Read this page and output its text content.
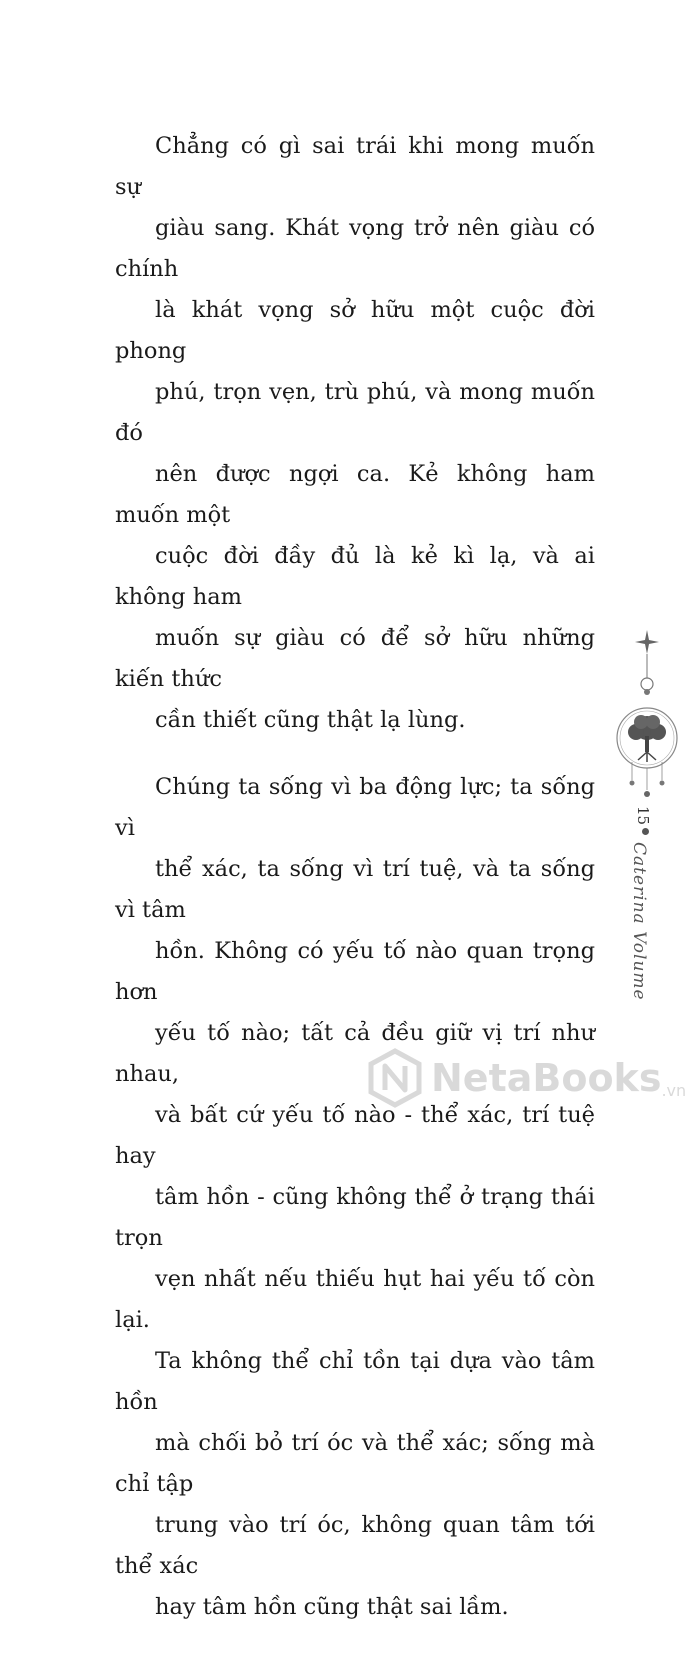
Chẳng có gì sai trái khi mong muốn sự
giàu sang. Khát vọng trở nên giàu có chính
là khát vọng sở hữu một cuộc đời phong
phú, trọn vẹn, trù phú, và mong muốn đó
nên được ngợi ca. Kẻ không ham muốn một
cuộc đời đầy đủ là kẻ kì lạ, và ai không ham
muốn sự giàu có để sở hữu những kiến thức
cần thiết cũng thật lạ lùng.

Chúng ta sống vì ba động lực; ta sống vì
thể xác, ta sống vì trí tuệ, và ta sống vì tâm
hồn. Không có yếu tố nào quan trọng hơn
yếu tố nào; tất cả đều giữ vị trí như nhau,
và bất cứ yếu tố nào - thể xác, trí tuệ hay
tâm hồn - cũng không thể ở trạng thái trọn
vẹn nhất nếu thiếu hụt hai yếu tố còn lại.
Ta không thể chỉ tồn tại dựa vào tâm hồn
mà chối bỏ trí óc và thể xác; sống mà chỉ tập
trung vào trí óc, không quan tâm tới thể xác
hay tâm hồn cũng thật sai lầm.

15
Caterina Volume
NetaBooks .vn
